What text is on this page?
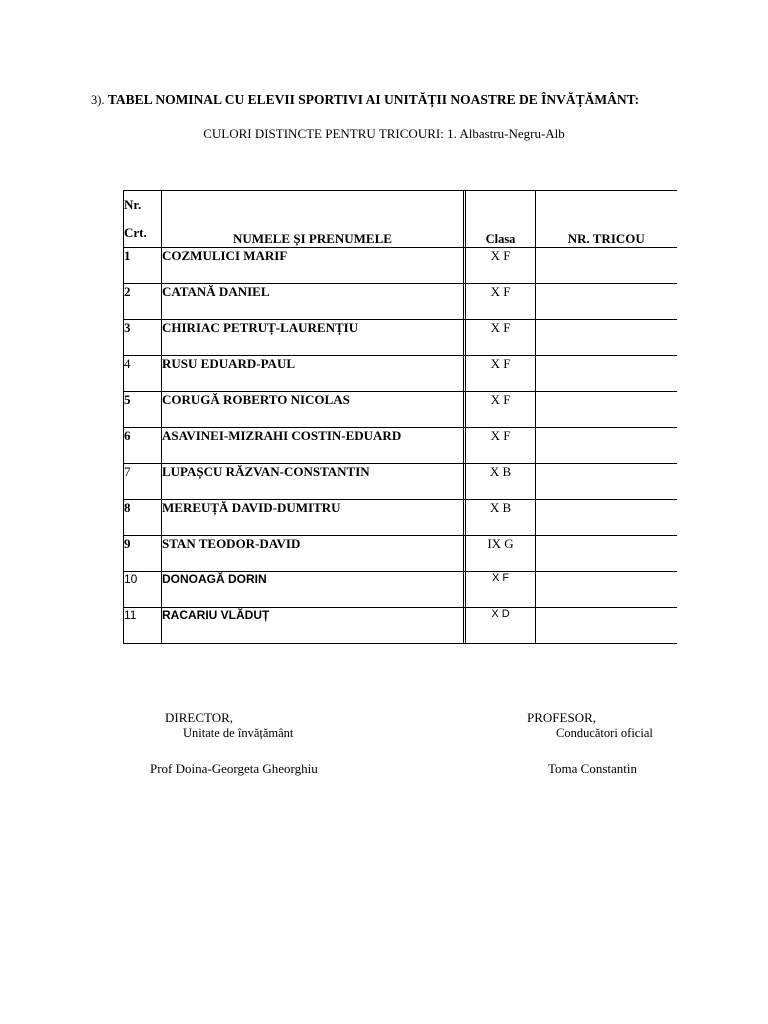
3). TABEL NOMINAL CU ELEVII SPORTIVI AI UNITĂȚII NOASTRE DE ÎNVĂȚĂMÂNT:
CULORI DISTINCTE PENTRU TRICOURI: 1. Albastru-Negru-Alb
Nr.
Crt.	NUMELE ȘI PRENUMELE		Clasa	NR. TRICOU
1	COZMULICI MARIF		X F	
2	CATANĂ DANIEL		X F	
3	CHIRIAC PETRUȚ-LAURENȚIU		X F	
4	RUSU EDUARD-PAUL		X F	
5	CORUGĂ ROBERTO NICOLAS		X F	
6	ASAVINEI-MIZRAHI COSTIN-EDUARD		X F	
7	LUPAȘCU RĂZVAN-CONSTANTIN		X B	
8	MEREUȚĂ DAVID-DUMITRU		X B	
9	STAN TEODOR-DAVID		IX G	
10	DONOAGĂ DORIN		X F	
11	RACARIU VLĂDUȚ		X D	
DIRECTOR,
Unitate de învățământ
Prof Doina-Georgeta Gheorghiu
PROFESOR,
Conducători oficial
Toma Constantin
